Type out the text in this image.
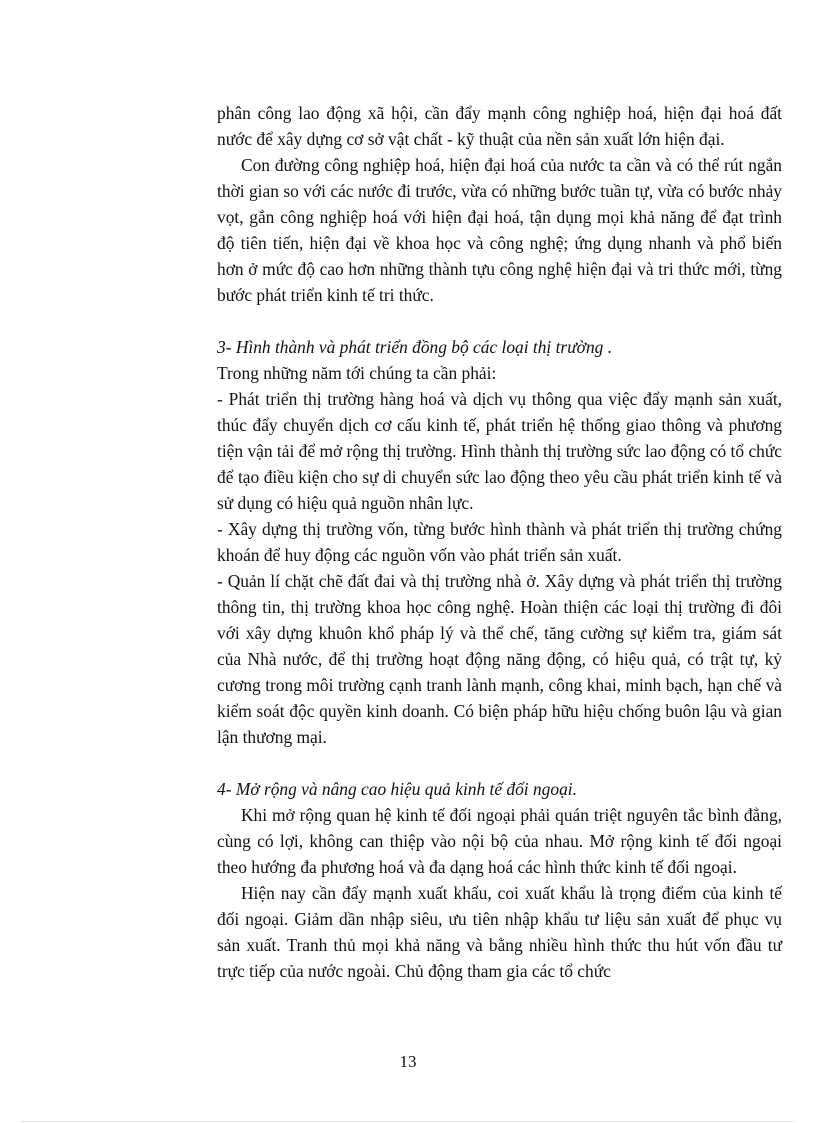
phân công lao động xã hội, cần đẩy mạnh công nghiệp hoá, hiện đại hoá đất nước để xây dựng cơ sở vật chất - kỹ thuật của nền sản xuất lớn hiện đại.

Con đường công nghiệp hoá, hiện đại hoá của nước ta cần và có thể rút ngắn thời gian so với các nước đi trước, vừa có những bước tuần tự, vừa có bước nhảy vọt, gắn công nghiệp hoá với hiện đại hoá, tận dụng mọi khả năng để đạt trình độ tiên tiến, hiện đại về khoa học và công nghệ; ứng dụng nhanh và phổ biến hơn ở mức độ cao hơn những thành tựu công nghệ hiện đại và tri thức mới, từng bước phát triển kinh tế tri thức.

3- Hình thành và phát triển đồng bộ các loại thị trường .

Trong những năm tới chúng ta cần phải:

- Phát triển thị trường hàng hoá và dịch vụ thông qua việc đẩy mạnh sản xuất, thúc đẩy chuyển dịch cơ cấu kinh tế, phát triển hệ thống giao thông và phương tiện vận tải để mở rộng thị trường. Hình thành thị trường sức lao động có tổ chức để tạo điều kiện cho sự di chuyển sức lao động theo yêu cầu phát triển kinh tế và sử dụng có hiệu quả nguồn nhân lực.

- Xây dựng thị trường vốn, từng bước hình thành và phát triển thị trường chứng khoán để huy động các nguồn vốn vào phát triển sản xuất.

- Quản lí chặt chẽ đất đai và thị trường nhà ở. Xây dựng và phát triển thị trường thông tin, thị trường khoa học công nghệ. Hoàn thiện các loại thị trường đi đôi với xây dựng khuôn khổ pháp lý và thể chế, tăng cường sự kiểm tra, giám sát của Nhà nước, để thị trường hoạt động năng động, có hiệu quả, có trật tự, kỷ cương trong môi trường cạnh tranh lành mạnh, công khai, minh bạch, hạn chế và kiểm soát độc quyền kinh doanh. Có biện pháp hữu hiệu chống buôn lậu và gian lận thương mại.

4- Mở rộng và nâng cao hiệu quả kinh tế đối ngoại.

Khi mở rộng quan hệ kinh tế đối ngoại phải quán triệt nguyên tắc bình đẳng, cùng có lợi, không can thiệp vào nội bộ của nhau. Mở rộng kinh tế đối ngoại theo hướng đa phương hoá và đa dạng hoá các hình thức kinh tế đối ngoại.

Hiện nay cần đẩy mạnh xuất khẩu, coi xuất khẩu là trọng điểm của kinh tế đối ngoại. Giảm dần nhập siêu, ưu tiên nhập khẩu tư liệu sản xuất để phục vụ sản xuất. Tranh thủ mọi khả năng và bằng nhiều hình thức thu hút vốn đầu tư trực tiếp của nước ngoài. Chủ động tham gia các tổ chức

13
